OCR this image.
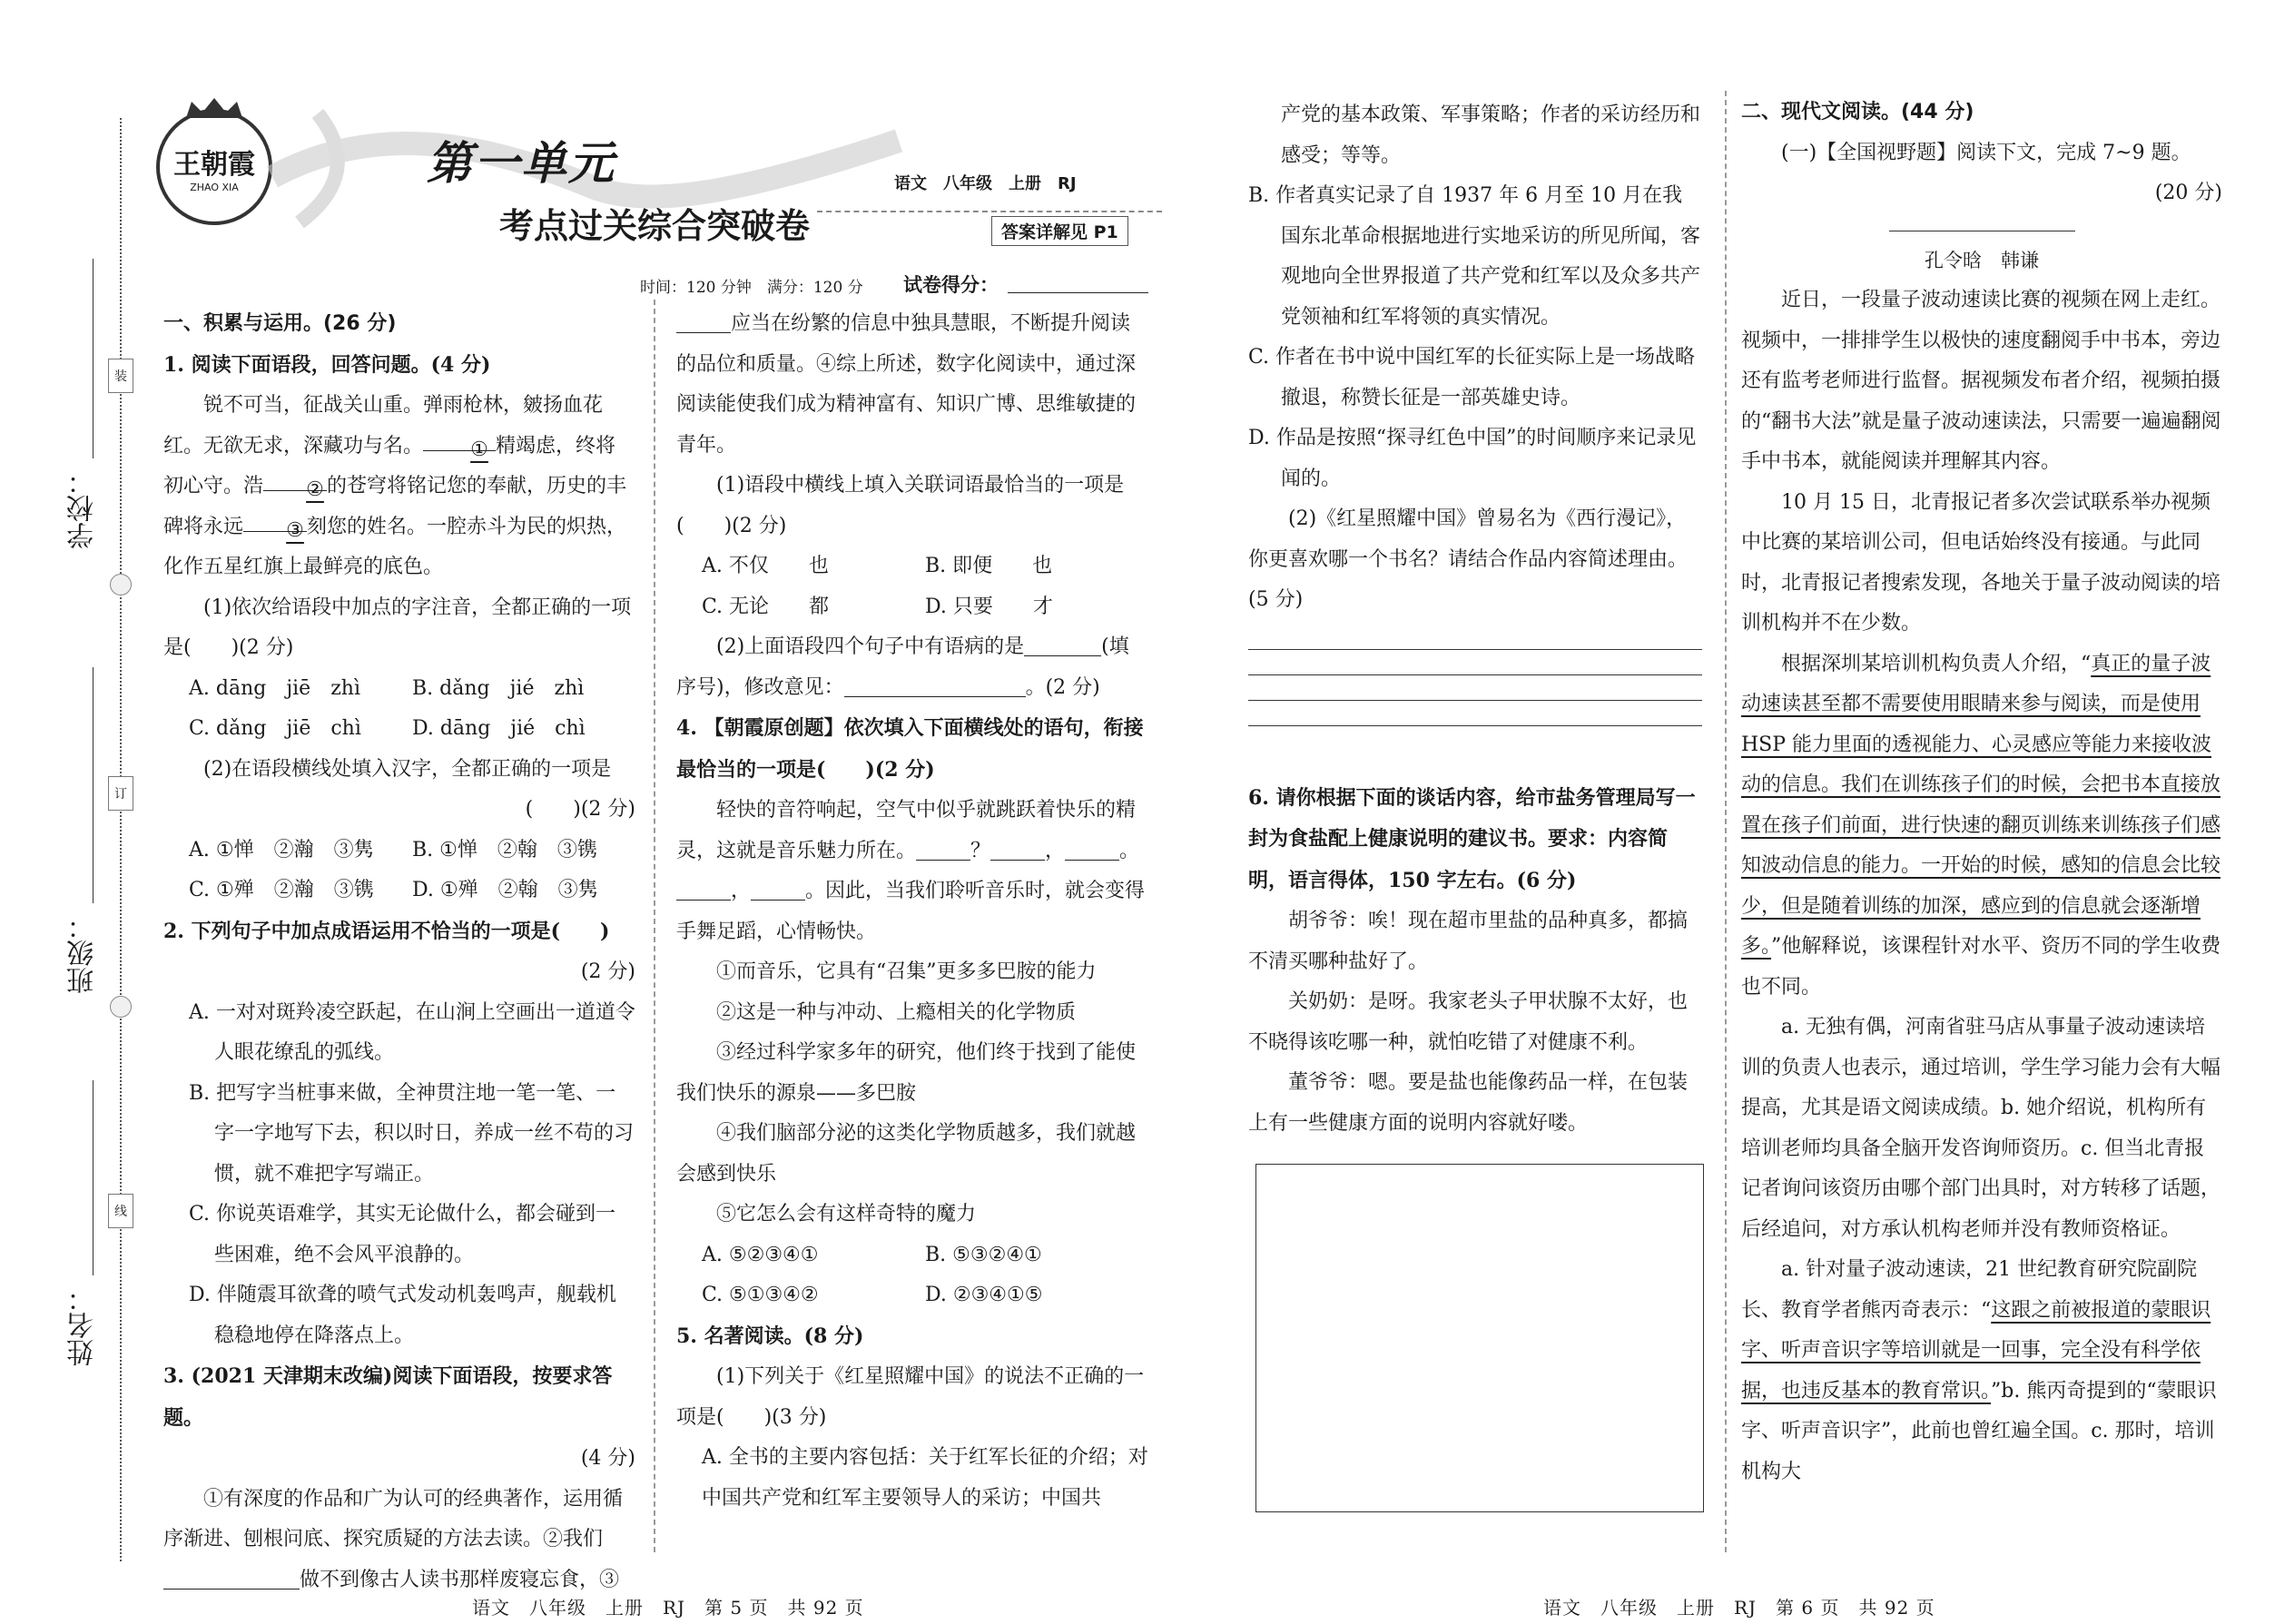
学校：
班级：
姓名：
装
订
线
王朝霞
ZHAO XIA	第一单元
考点过关综合突破卷
语文　八年级　上册　RJ
答案详解见 P1
时间：120 分钟　满分：120 分 试卷得分：

一、积累与运用。(26 分)

1. 阅读下面语段，回答问题。(4 分)

锐不可当，征战关山重。弹雨枪林，皴扬血花红。无欲无求，深藏功与名。 ① 精竭虑，终将初心守。浩 ② 的苍穹将铭记您的奉献，历史的丰碑将永远 ③ 刻您的姓名。一腔赤斗为民的炽热，化作五星红旗上最鲜亮的底色。

(1)依次给语段中加点的字注音，全都正确的一项是(　　)(2 分)

A. dāng　jiē　zhì	B. dǎng　jié　zhì
C. dǎng　jiē　chì	D. dāng　jié　chì

(2)在语段横线处填入汉字，全都正确的一项是

(　　)(2 分)

A. ①惮　②瀚　③隽	B. ①惮　②翰　③镌
C. ①殚　②瀚　③镌	D. ①殚　②翰　③隽

2. 下列句子中加点成语运用不恰当的一项是(　　)

(2 分)

A. 一对对斑羚凌空跃起，在山涧上空画出一道道令人眼花缭乱的弧线。

B. 把写字当桩事来做，全神贯注地一笔一笔、一字一字地写下去，积以时日，养成一丝不苟的习惯，就不难把字写端正。

C. 你说英语难学，其实无论做什么，都会碰到一些困难，绝不会风平浪静的。

D. 伴随震耳欲聋的喷气式发动机轰鸣声，舰载机稳稳地停在降落点上。

3. (2021 天津期末改编)阅读下面语段，按要求答题。

(4 分)

①有深度的作品和广为认可的经典著作，运用循序渐进、刨根问底、探究质疑的方法去读。②我们做不到像古人读书那样废寝忘食，③

应当在纷繁的信息中独具慧眼，不断提升阅读的品位和质量。④综上所述，数字化阅读中，通过深阅读能使我们成为精神富有、知识广博、思维敏捷的青年。

(1)语段中横线上填入关联词语最恰当的一项是(　　)(2 分)

A. 不仅　　也	B. 即便　　也
C. 无论　　都	D. 只要　　才

(2)上面语段四个句子中有语病的是	(填序号)，修改意见：	。(2 分)

4. 【朝霞原创题】依次填入下面横线处的语句，衔接最恰当的一项是(　　)(2 分)

轻快的音符响起，空气中似乎就跳跃着快乐的精灵，这就是音乐魅力所在。	？	，	。，	。因此，当我们聆听音乐时，就会变得手舞足蹈，心情畅快。

①而音乐，它具有“召集”更多多巴胺的能力

②这是一种与冲动、上瘾相关的化学物质

③经过科学家多年的研究，他们终于找到了能使我们快乐的源泉——多巴胺

④我们脑部分泌的这类化学物质越多，我们就越会感到快乐

⑤它怎么会有这样奇特的魔力

A. ⑤②③④①	B. ⑤③②④①
C. ⑤①③④②	D. ②③④①⑤

5. 名著阅读。(8 分)

(1)下列关于《红星照耀中国》的说法不正确的一项是(　　)(3 分)

A. 全书的主要内容包括：关于红军长征的介绍；对中国共产党和红军主要领导人的采访；中国共

产党的基本政策、军事策略；作者的采访经历和感受；等等。

B. 作者真实记录了自 1937 年 6 月至 10 月在我国东北革命根据地进行实地采访的所见所闻，客观地向全世界报道了共产党和红军以及众多共产党领袖和红军将领的真实情况。

C. 作者在书中说中国红军的长征实际上是一场战略撤退，称赞长征是一部英雄史诗。

D. 作品是按照“探寻红色中国”的时间顺序来记录见闻的。

(2)《红星照耀中国》曾易名为《西行漫记》，你更喜欢哪一个书名？请结合作品内容简述理由。(5 分)

6. 请你根据下面的谈话内容，给市盐务管理局写一封为食盐配上健康说明的建议书。要求：内容简明，语言得体，150 字左右。(6 分)

胡爷爷：唉！现在超市里盐的品种真多，都搞不清买哪种盐好了。

关奶奶：是呀。我家老头子甲状腺不太好，也不晓得该吃哪一种，就怕吃错了对健康不利。

董爷爷：嗯。要是盐也能像药品一样，在包装上有一些健康方面的说明内容就好喽。

二、现代文阅读。(44 分)

(一)【全国视野题】阅读下文，完成 7~9 题。

(20 分)

孔令晗　韩谦

近日，一段量子波动速读比赛的视频在网上走红。视频中，一排排学生以极快的速度翻阅手中书本，旁边还有监考老师进行监督。据视频发布者介绍，视频拍摄的“翻书大法”就是量子波动速读法，只需要一遍遍翻阅手中书本，就能阅读并理解其内容。

10 月 15 日，北青报记者多次尝试联系举办视频中比赛的某培训公司，但电话始终没有接通。与此同时，北青报记者搜索发现，各地关于量子波动阅读的培训机构并不在少数。

根据深圳某培训机构负责人介绍，“真正的量子波动速读甚至都不需要使用眼睛来参与阅读，而是使用 HSP 能力里面的透视能力、心灵感应等能力来接收波动的信息。我们在训练孩子们的时候，会把书本直接放置在孩子们前面，进行快速的翻页训练来训练孩子们感知波动信息的能力。一开始的时候，感知的信息会比较少，但是随着训练的加深，感应到的信息就会逐渐增多。”他解释说，该课程针对水平、资历不同的学生收费也不同。

a. 无独有偶，河南省驻马店从事量子波动速读培训的负责人也表示，通过培训，学生学习能力会有大幅提高，尤其是语文阅读成绩。b. 她介绍说，机构所有培训老师均具备全脑开发咨询师资历。c. 但当北青报记者询问该资历由哪个部门出具时，对方转移了话题，后经追问，对方承认机构老师并没有教师资格证。

a. 针对量子波动速读，21 世纪教育研究院副院长、教育学者熊丙奇表示：“这跟之前被报道的蒙眼识字、听声音识字等培训就是一回事，完全没有科学依据，也违反基本的教育常识。”b. 熊丙奇提到的“蒙眼识字、听声音识字”，此前也曾红遍全国。c. 那时，培训机构大

语文　八年级　上册　RJ　第 5 页　共 92 页	语文　八年级　上册　RJ　第 6 页　共 92 页
